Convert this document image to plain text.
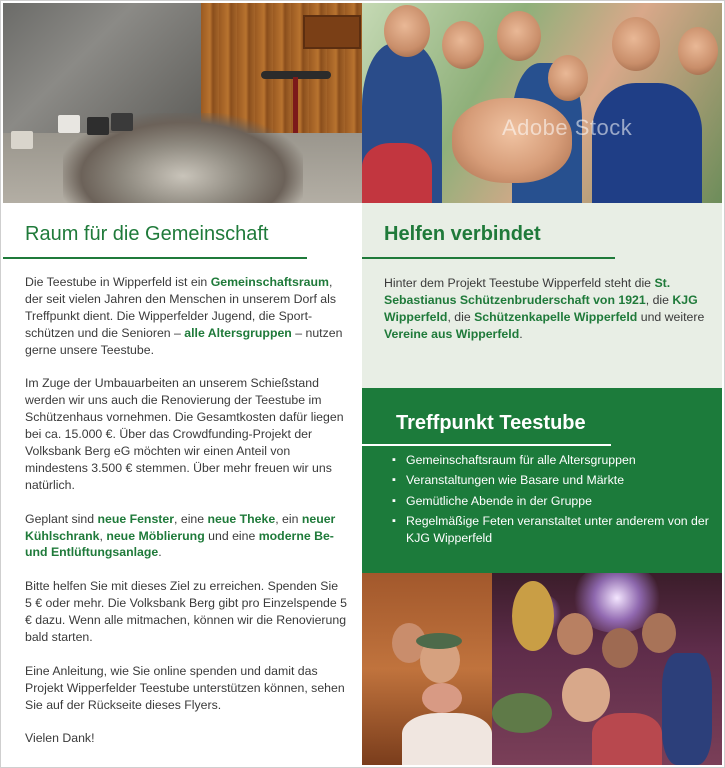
Adobe Stock
Raum für die Gemeinschaft

Die Teestube in Wipperfeld ist ein Gemeinschaftsraum, der seit vielen Jahren den Menschen in unserem Dorf als Treffpunkt dient. Die Wipperfelder Jugend, die Sport-schützen und die Senioren – alle Altersgruppen – nutzen gerne unsere Teestube.

Im Zuge der Umbauarbeiten an unserem Schießstand werden wir uns auch die Renovierung der Teestube im Schützenhaus vornehmen. Die Gesamtkosten dafür liegen bei ca. 15.000 €. Über das Crowdfunding-Projekt der Volksbank Berg eG möchten wir einen Anteil von mindestens 3.500 € stemmen. Über mehr freuen wir uns natürlich.

Geplant sind neue Fenster, eine neue Theke, ein neuer Kühlschrank, neue Möblierung und eine moderne Be- und Entlüftungsanlage.

Bitte helfen Sie mit dieses Ziel zu erreichen. Spenden Sie 5 € oder mehr. Die Volksbank Berg gibt pro Einzelspende 5 € dazu. Wenn alle mitmachen, können wir die Renovierung bald starten.

Eine Anleitung, wie Sie online spenden und damit das Projekt Wipperfelder Teestube unterstützen können, sehen Sie auf der Rückseite dieses Flyers.

Vielen Dank!

Helfen verbindet
Hinter dem Projekt Teestube Wipperfeld steht die St. Sebastianus Schützenbruderschaft von 1921, die KJG Wipperfeld, die Schützenkapelle Wipperfeld und weitere Vereine aus Wipperfeld.
Treffpunkt Teestube
▪ Gemeinschaftsraum für alle Altersgruppen
▪ Veranstaltungen wie Basare und Märkte
▪ Gemütliche Abende in der Gruppe
▪ Regelmäßige Feten veranstaltet unter anderem von der KJG Wipperfeld
